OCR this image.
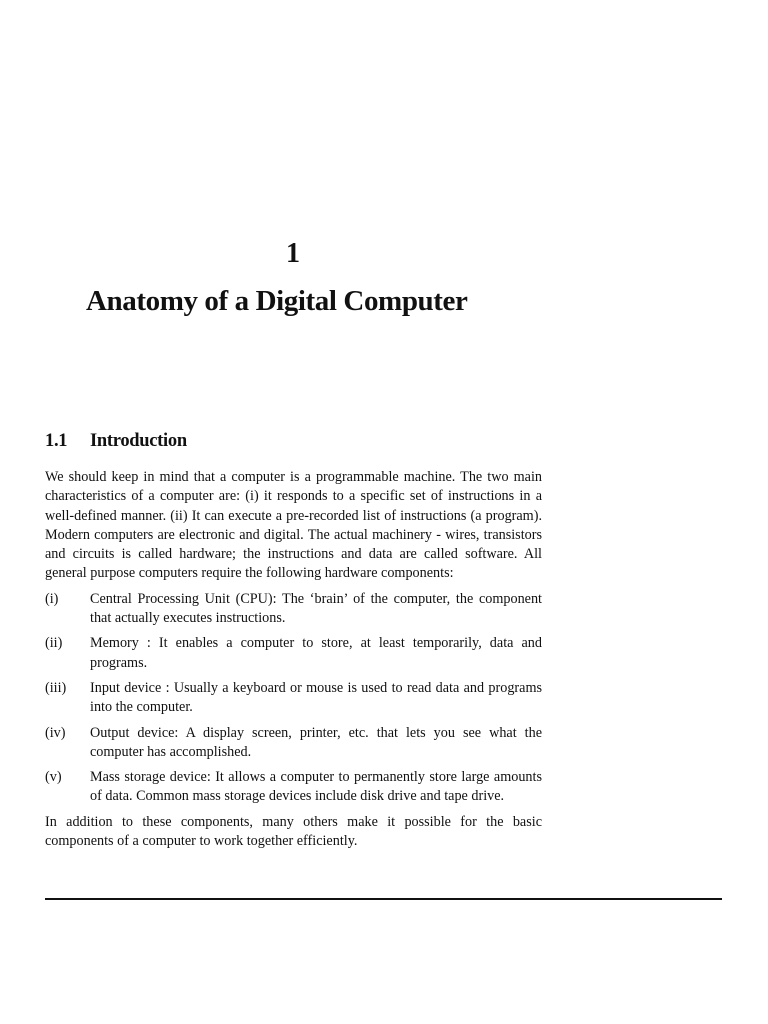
1
Anatomy of a Digital Computer
1.1 Introduction

We should keep in mind that a computer is a programmable machine. The two main characteristics of a computer are: (i) it responds to a specific set of instructions in a well-defined manner. (ii) It can execute a pre-recorded list of instructions (a program). Modern computers are electronic and digital. The actual machinery - wires, transistors and circuits is called hardware; the instructions and data are called software. All general purpose computers require the following hardware components:

(i)	Central Processing Unit (CPU): The ‘brain’ of the computer, the component that actually executes instructions.
(ii)	Memory : It enables a computer to store, at least temporarily, data and programs.
(iii)	Input device : Usually a keyboard or mouse is used to read data and programs into the computer.
(iv)	Output device: A display screen, printer, etc. that lets you see what the computer has accomplished.
(v)	Mass storage device: It allows a computer to permanently store large amounts of data. Common mass storage devices include disk drive and tape drive.

In addition to these components, many others make it possible for the basic components of a computer to work together efficiently.
